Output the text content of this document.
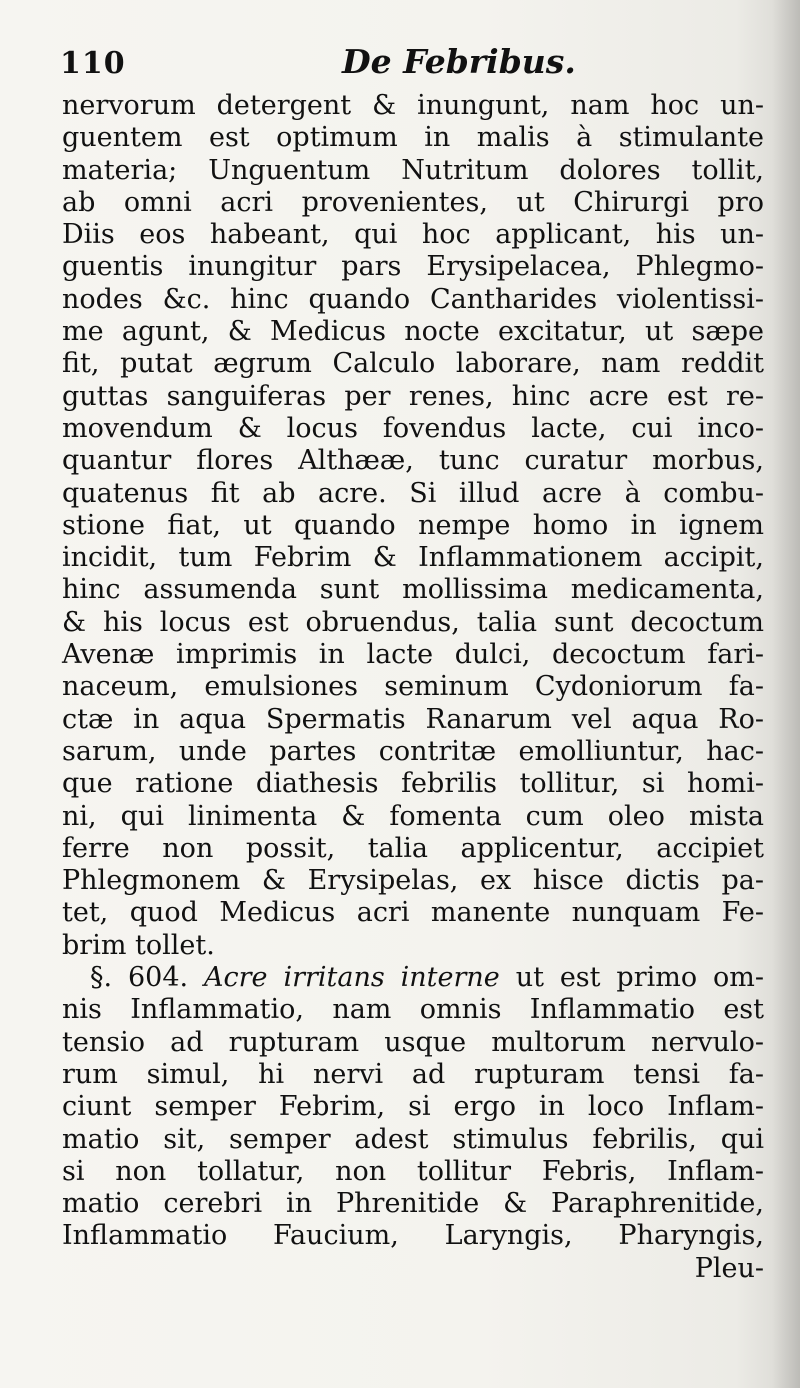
110	De Febribus.
nervorum detergent & inungunt, nam hoc un-
guentem est optimum in malis à stimulante
materia; Unguentum Nutritum dolores tollit,
ab omni acri provenientes, ut Chirurgi pro
Diis eos habeant, qui hoc applicant, his un-
guentis inungitur pars Erysipelacea, Phlegmo-
nodes &c. hinc quando Cantharides violentissi-
me agunt, & Medicus nocte excitatur, ut sæpe
fit, putat ægrum Calculo laborare, nam reddit
guttas sanguiferas per renes, hinc acre est re-
movendum & locus fovendus lacte, cui inco-
quantur flores Althææ, tunc curatur morbus,
quatenus fit ab acre. Si illud acre à combu-
stione fiat, ut quando nempe homo in ignem
incidit, tum Febrim & Inflammationem accipit,
hinc assumenda sunt mollissima medicamenta,
& his locus est obruendus, talia sunt decoctum
Avenæ imprimis in lacte dulci, decoctum fari-
naceum, emulsiones seminum Cydoniorum fa-
ctæ in aqua Spermatis Ranarum vel aqua Ro-
sarum, unde partes contritæ emolliuntur, hac-
que ratione diathesis febrilis tollitur, si homi-
ni, qui linimenta & fomenta cum oleo mista
ferre non possit, talia applicentur, accipiet
Phlegmonem & Erysipelas, ex hisce dictis pa-
tet, quod Medicus acri manente nunquam Fe-
brim tollet.
§. 604. Acre irritans interne ut est primo om-
nis Inflammatio, nam omnis Inflammatio est
tensio ad rupturam usque multorum nervulo-
rum simul, hi nervi ad rupturam tensi fa-
ciunt semper Febrim, si ergo in loco Inflam-
matio sit, semper adest stimulus febrilis, qui
si non tollatur, non tollitur Febris, Inflam-
matio cerebri in Phrenitide & Paraphrenitide,
Inflammatio Faucium, Laryngis, Pharyngis,
Pleu-
